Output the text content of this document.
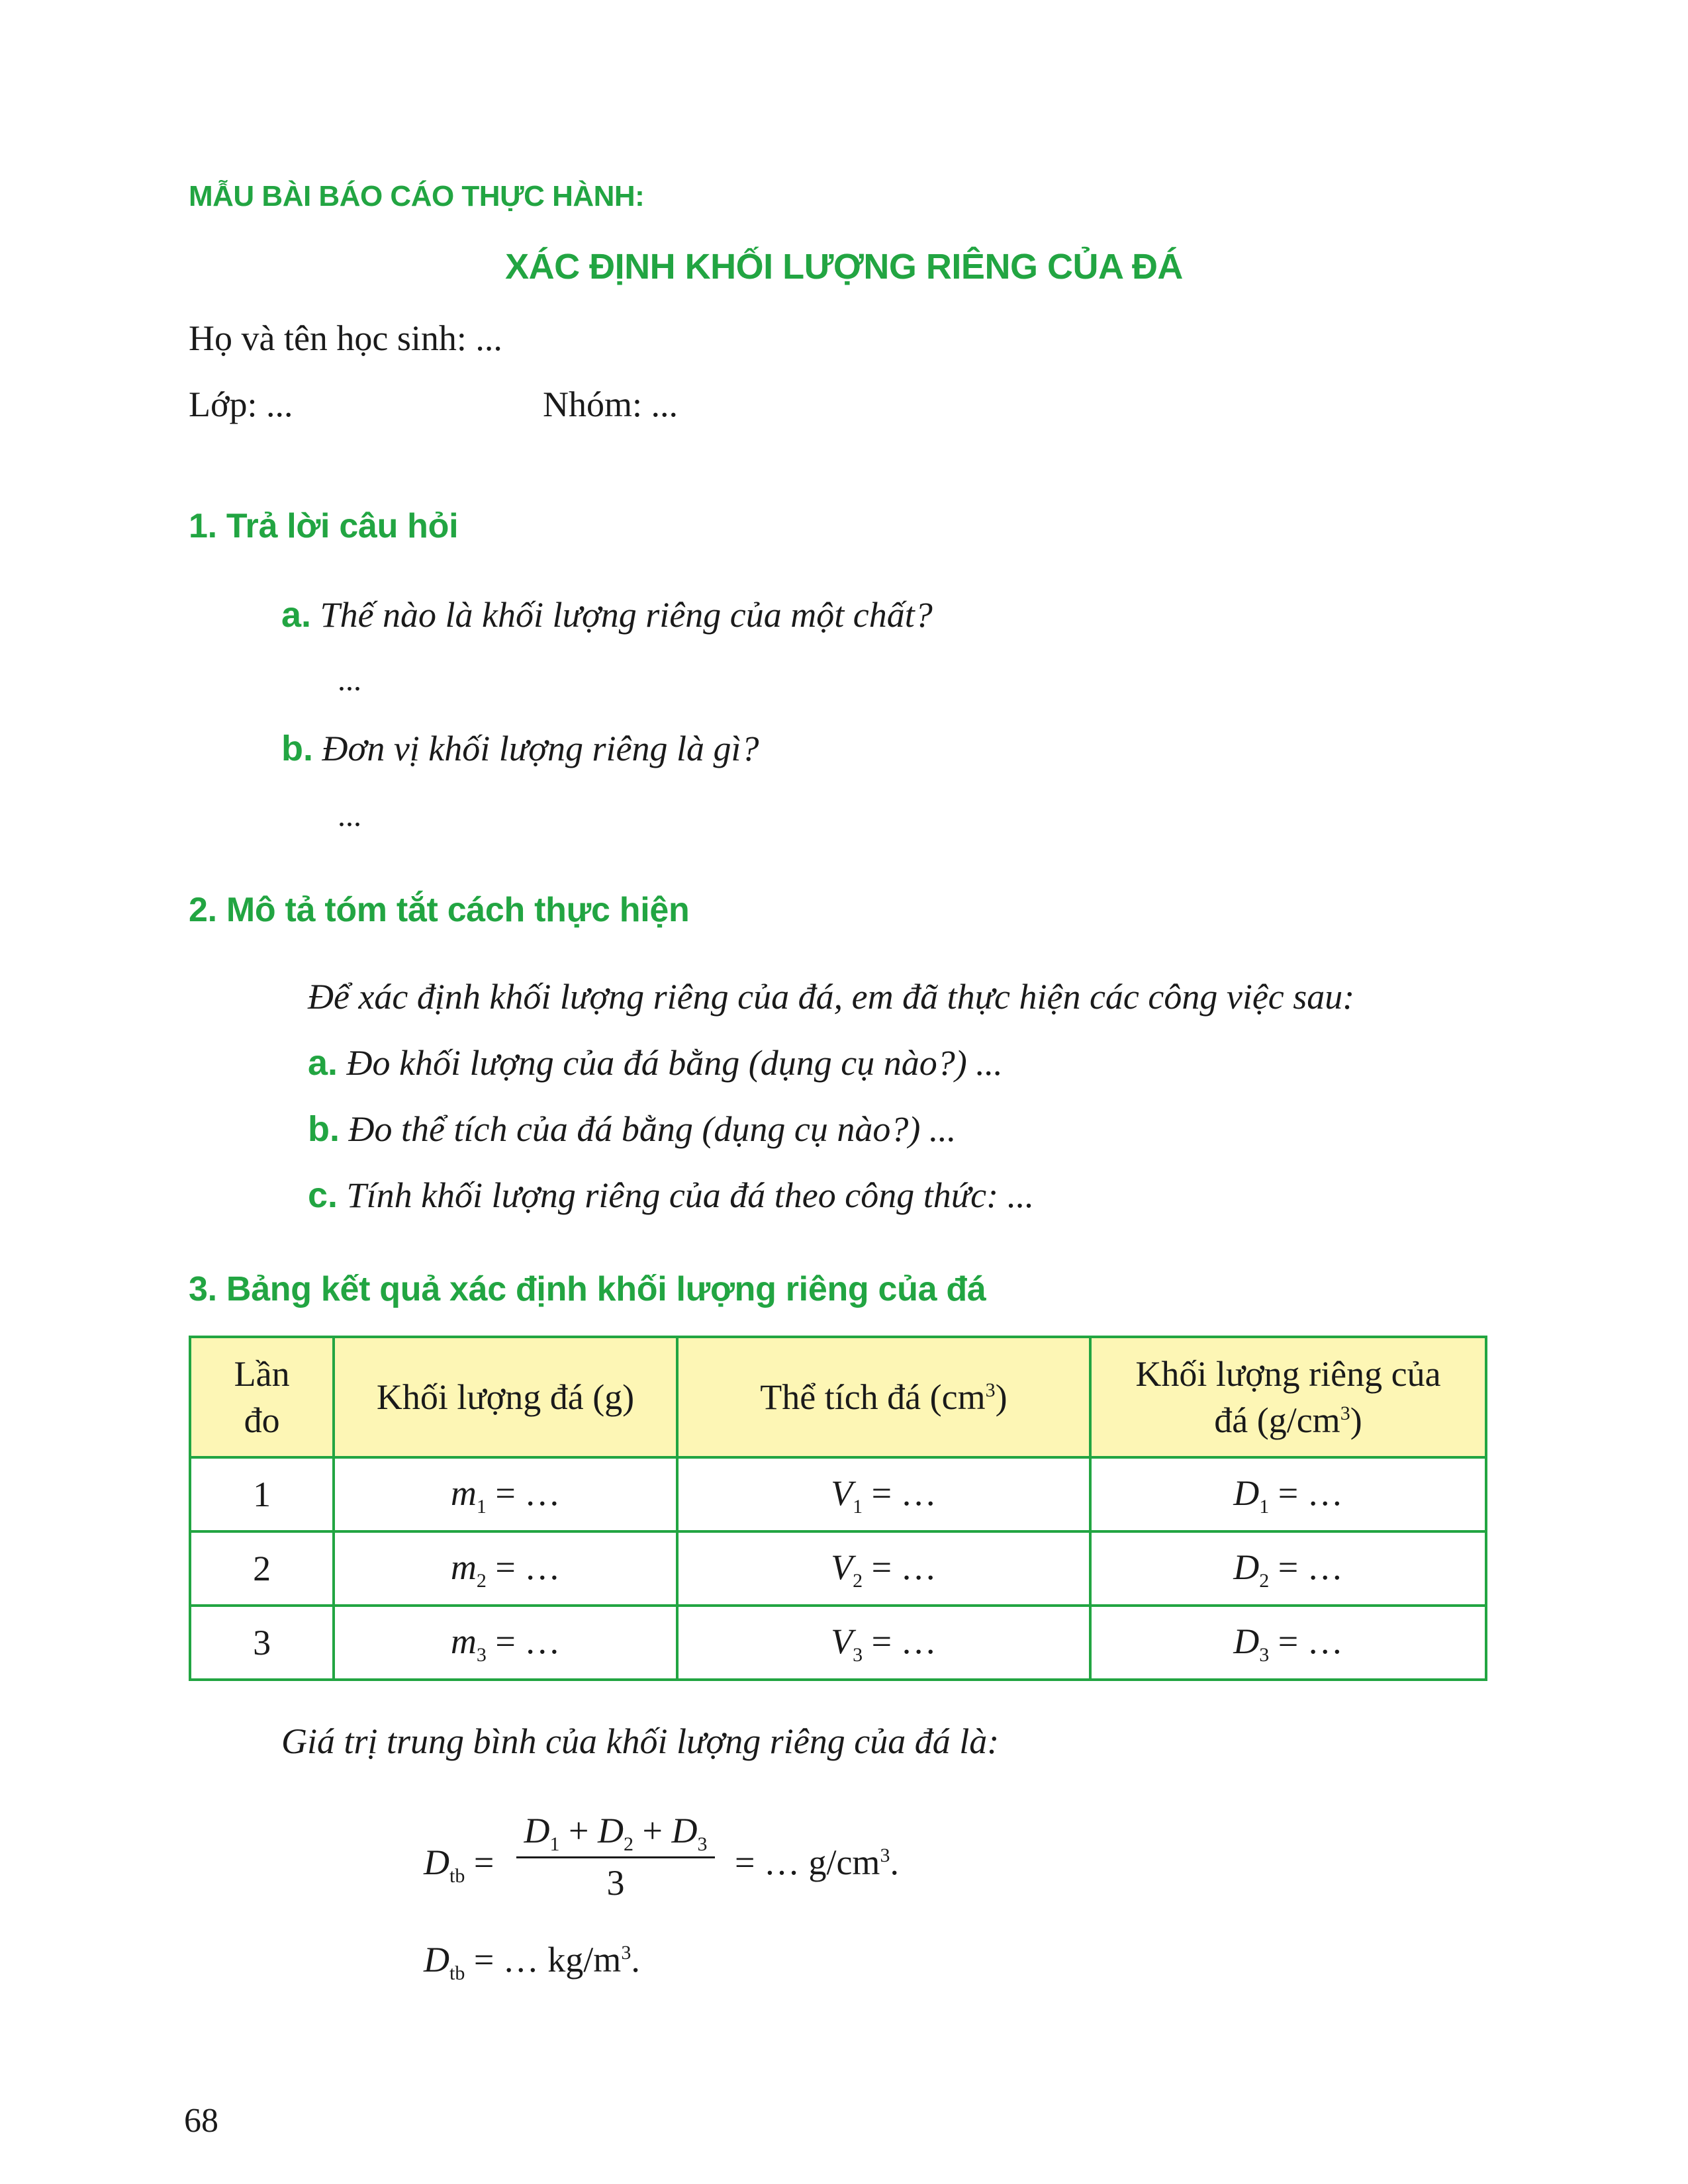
MẪU BÀI BÁO CÁO THỰC HÀNH:

XÁC ĐỊNH KHỐI LƯỢNG RIÊNG CỦA ĐÁ

Họ và tên học sinh: ...

Lớp: ...	Nhóm: ...

1. Trả lời câu hỏi

a. Thế nào là khối lượng riêng của một chất?

...

b. Đơn vị khối lượng riêng là gì?

...

2. Mô tả tóm tắt cách thực hiện

Để xác định khối lượng riêng của đá, em đã thực hiện các công việc sau:

a. Đo khối lượng của đá bằng (dụng cụ nào?) ...

b. Đo thể tích của đá bằng (dụng cụ nào?) ...

c. Tính khối lượng riêng của đá theo công thức: ...

3. Bảng kết quả xác định khối lượng riêng của đá

Lần
đo	Khối lượng đá (g)	Thể tích đá $(cm^3)$	Khối lượng riêng của
đá $(g/cm^3)$
1	$m_1$ = …	$V_1$ = …	$D_1$ = …
2	$m_2$ = …	$V_2$ = …	$D_2$ = …
3	$m_3$ = …	$V_3$ = …	$D_3$ = …

Giá trị trung bình của khối lượng riêng của đá là:

$D_{tb}$ =
$D_1 + D_2 + D_3$
3
= … $g/cm^3$.

$D_{tb}$ = … $kg/m^3$.

68
